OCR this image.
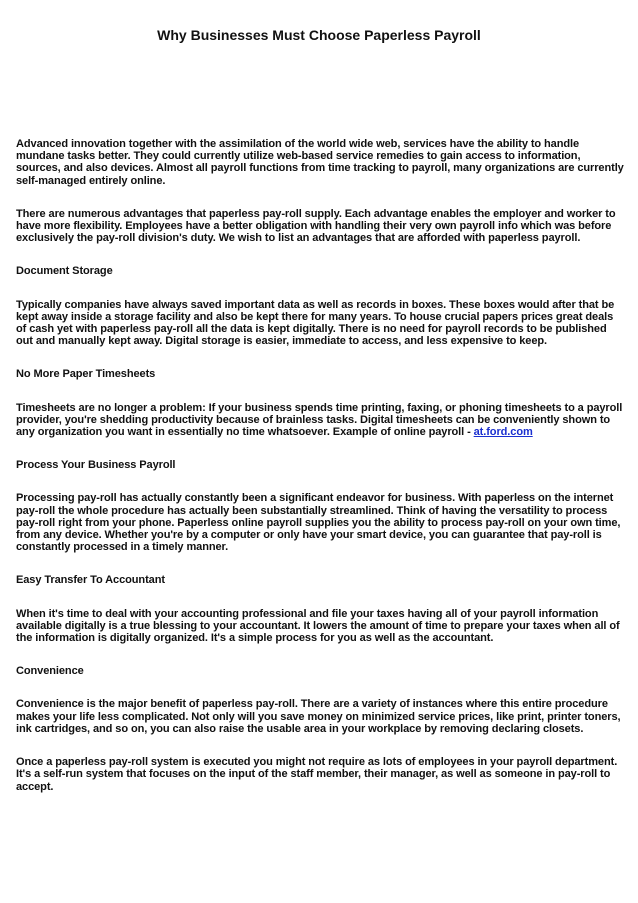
Why Businesses Must Choose Paperless Payroll

Advanced innovation together with the assimilation of the world wide web, services have the ability to handle mundane tasks better. They could currently utilize web-based service remedies to gain access to information, sources, and also devices. Almost all payroll functions from time tracking to payroll, many organizations are currently self-managed entirely online.

There are numerous advantages that paperless pay-roll supply. Each advantage enables the employer and worker to have more flexibility. Employees have a better obligation with handling their very own payroll info which was before exclusively the pay-roll division's duty. We wish to list an advantages that are afforded with paperless payroll.

Document Storage

Typically companies have always saved important data as well as records in boxes. These boxes would after that be kept away inside a storage facility and also be kept there for many years. To house crucial papers prices great deals of cash yet with paperless pay-roll all the data is kept digitally. There is no need for payroll records to be published out and manually kept away. Digital storage is easier, immediate to access, and less expensive to keep.

No More Paper Timesheets

Timesheets are no longer a problem: If your business spends time printing, faxing, or phoning timesheets to a payroll provider, you're shedding productivity because of brainless tasks. Digital timesheets can be conveniently shown to any organization you want in essentially no time whatsoever. Example of online payroll - at.ford.com

Process Your Business Payroll

Processing pay-roll has actually constantly been a significant endeavor for business. With paperless on the internet pay-roll the whole procedure has actually been substantially streamlined. Think of having the versatility to process pay-roll right from your phone. Paperless online payroll supplies you the ability to process pay-roll on your own time, from any device. Whether you're by a computer or only have your smart device, you can guarantee that pay-roll is constantly processed in a timely manner.

Easy Transfer To Accountant

When it's time to deal with your accounting professional and file your taxes having all of your payroll information available digitally is a true blessing to your accountant. It lowers the amount of time to prepare your taxes when all of the information is digitally organized. It's a simple process for you as well as the accountant.

Convenience

Convenience is the major benefit of paperless pay-roll. There are a variety of instances where this entire procedure makes your life less complicated. Not only will you save money on minimized service prices, like print, printer toners, ink cartridges, and so on, you can also raise the usable area in your workplace by removing declaring closets.

Once a paperless pay-roll system is executed you might not require as lots of employees in your payroll department. It's a self-run system that focuses on the input of the staff member, their manager, as well as someone in pay-roll to accept.
